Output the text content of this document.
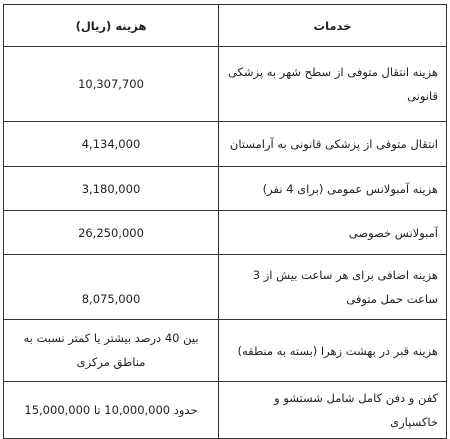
خدمات	هزینه (ریال)
هزینه انتقال متوفی از سطح شهر به پزشکی قانونی	10,307,700
انتقال متوفی از پزشکی قانونی به آرامستان	4,134,000
هزینه آمبولانس عمومی (برای 4 نفر)	3,180,000
آمبولانس خصوصی	26,250,000
هزینه اضافی برای هر ساعت بیش از 3 ساعت حمل متوفی	8,075,000
هزینه قبر در بهشت زهرا (بسته به منطقه)	بین 40 درصد بیشتر یا کمتر نسبت به مناطق مرکزی
کفن و دفن کامل شامل شستشو و خاکسپاری	حدود 10,000,000 تا 15,000,000
